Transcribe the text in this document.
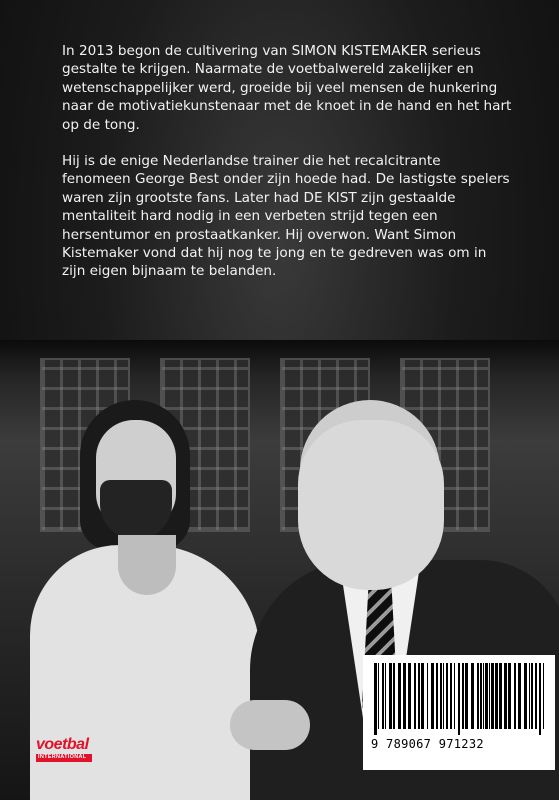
In 2013 begon de cultivering van SIMON KISTEMAKER serieus gestalte te krijgen. Naarmate de voetbalwereld zakelijker en wetenschappelijker werd, groeide bij veel mensen de hunkering naar de motivatiekunstenaar met de knoet in de hand en het hart op de tong.

Hij is de enige Nederlandse trainer die het recalcitrante fenomeen George Best onder zijn hoede had. De lastigste spelers waren zijn grootste fans. Later had DE KIST zijn gestaalde mentaliteit hard nodig in een verbeten strijd tegen een hersentumor en prostaatkanker. Hij overwon. Want Simon Kistemaker vond dat hij nog te jong en te gedreven was om in zijn eigen bijnaam te belanden.

9 789067 971232
voetbal
INTERNATIONAL
